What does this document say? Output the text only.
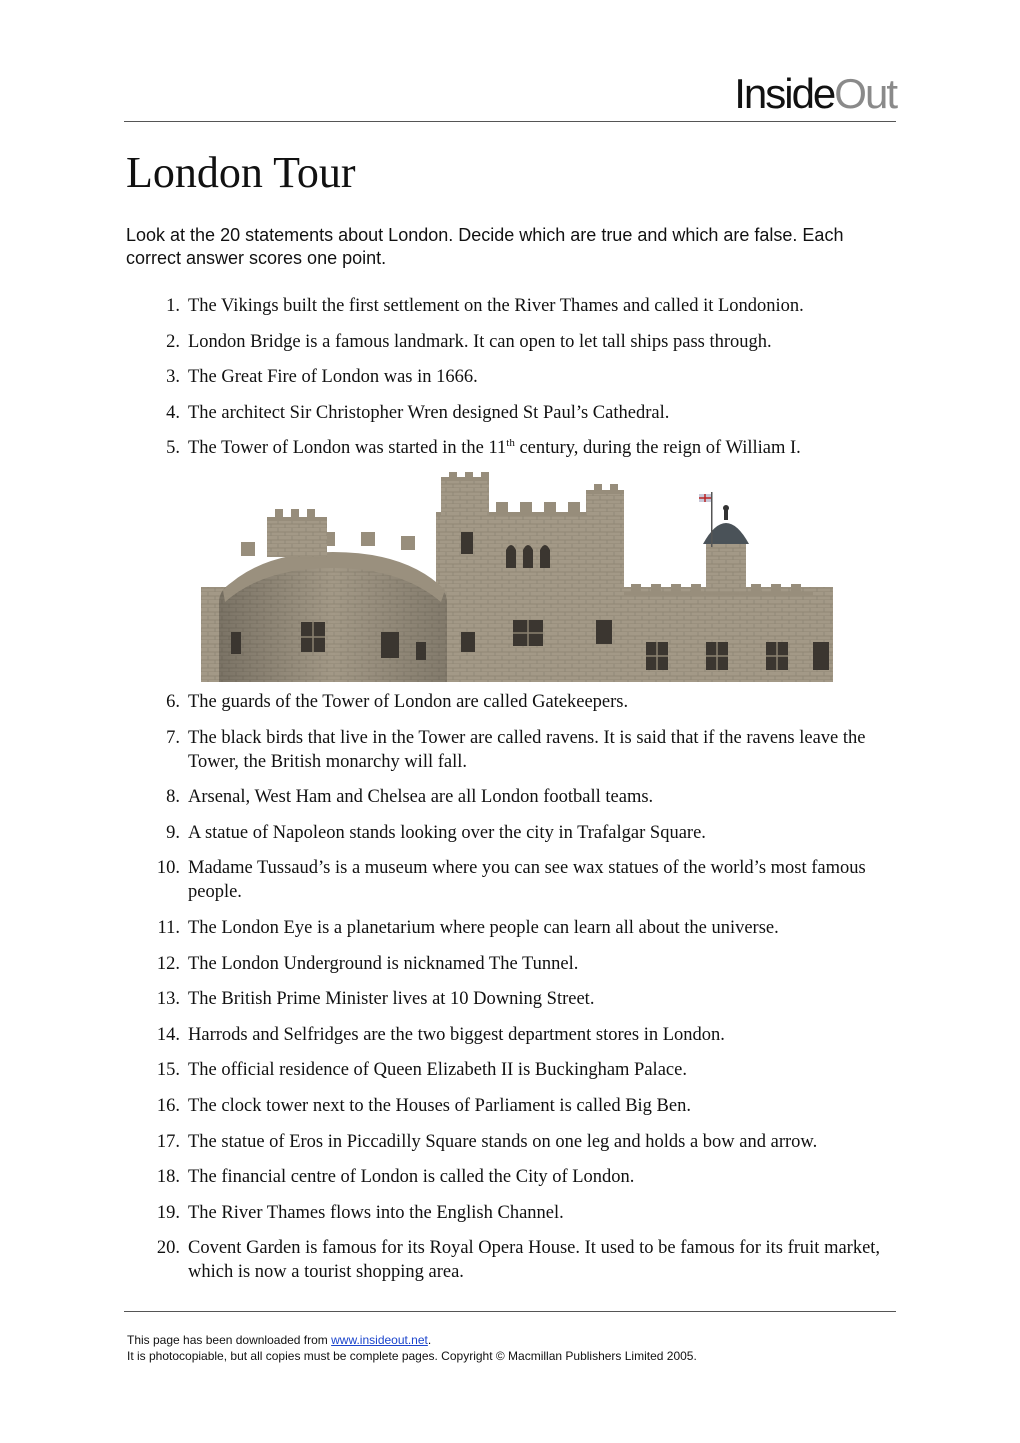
InsideOut
London Tour
Look at the 20 statements about London. Decide which are true and which are false. Each correct answer scores one point.
1. The Vikings built the first settlement on the River Thames and called it Londonion.
2. London Bridge is a famous landmark. It can open to let tall ships pass through.
3. The Great Fire of London was in 1666.
4. The architect Sir Christopher Wren designed St Paul’s Cathedral.
5. The Tower of London was started in the 11th century, during the reign of William I.
6. The guards of the Tower of London are called Gatekeepers.
7. The black birds that live in the Tower are called ravens. It is said that if the ravens leave the Tower, the British monarchy will fall.
8. Arsenal, West Ham and Chelsea are all London football teams.
9. A statue of Napoleon stands looking over the city in Trafalgar Square.
10. Madame Tussaud’s is a museum where you can see wax statues of the world’s most famous people.
11. The London Eye is a planetarium where people can learn all about the universe.
12. The London Underground is nicknamed The Tunnel.
13. The British Prime Minister lives at 10 Downing Street.
14. Harrods and Selfridges are the two biggest department stores in London.
15. The official residence of Queen Elizabeth II is Buckingham Palace.
16. The clock tower next to the Houses of Parliament is called Big Ben.
17. The statue of Eros in Piccadilly Square stands on one leg and holds a bow and arrow.
18. The financial centre of London is called the City of London.
19. The River Thames flows into the English Channel.
20. Covent Garden is famous for its Royal Opera House. It used to be famous for its fruit market, which is now a tourist shopping area.
This page has been downloaded from www.insideout.net.
It is photocopiable, but all copies must be complete pages. Copyright © Macmillan Publishers Limited 2005.
